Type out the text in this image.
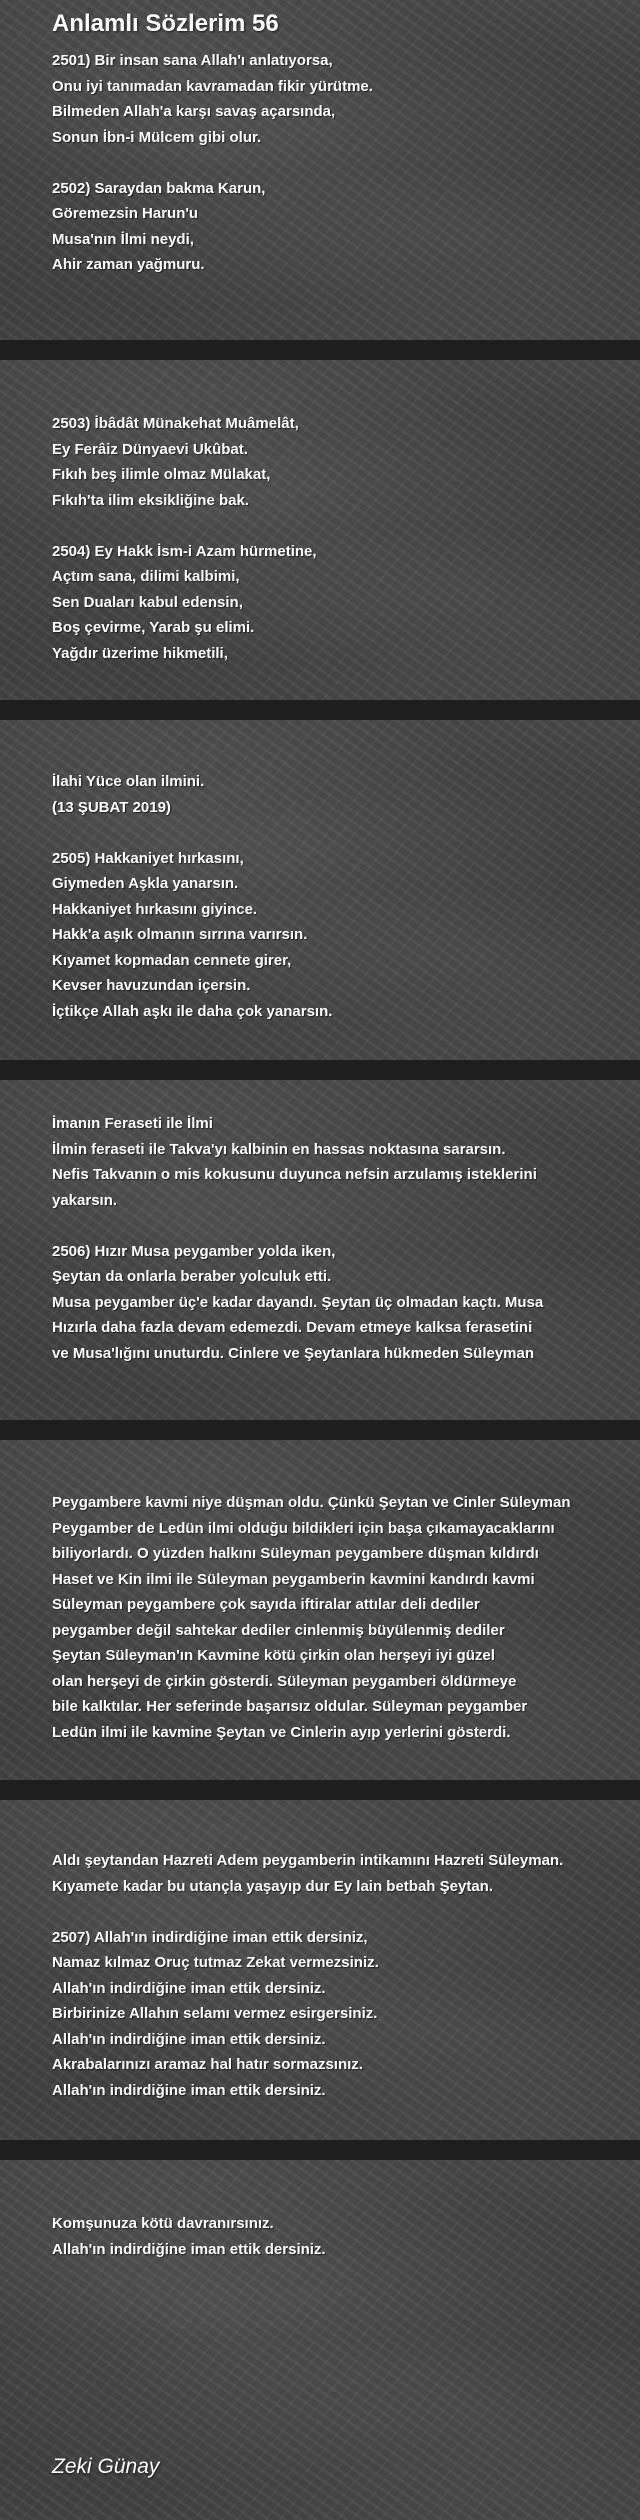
Anlamlı Sözlerim 56
2501) Bir insan sana Allah'ı anlatıyorsa,
Onu iyi tanımadan kavramadan fikir yürütme.
Bilmeden Allah'a karşı savaş açarsında,
Sonun İbn-i Mülcem gibi olur.
2502) Saraydan bakma Karun,
Göremezsin Harun'u
Musa'nın İlmi neydi,
Ahir zaman yağmuru.
2503) İbâdât Münakehat Muâmelât,
Ey Ferâiz Dünyaevi Ukûbat.
Fıkıh beş ilimle olmaz Mülakat,
Fıkıh'ta ilim eksikliğine bak.
2504) Ey Hakk İsm-i Azam hürmetine,
Açtım sana, dilimi kalbimi,
Sen Duaları kabul edensin,
Boş çevirme, Yarab şu elimi.
Yağdır üzerime hikmetili,
İlahi Yüce olan ilmini.
(13 ŞUBAT 2019)
2505) Hakkaniyet hırkasını,
Giymeden Aşkla yanarsın.
Hakkaniyet hırkasını giyince.
Hakk'a aşık olmanın sırrına varırsın.
Kıyamet kopmadan cennete girer,
Kevser havuzundan içersin.
İçtikçe Allah aşkı ile daha çok yanarsın.
İmanın Feraseti ile İlmi
İlmin feraseti ile Takva'yı kalbinin en hassas noktasına sararsın.
Nefis Takvanın o mis kokusunu duyunca nefsin arzulamış isteklerini
yakarsın.
2506) Hızır Musa peygamber yolda iken,
Şeytan da onlarla beraber yolculuk etti.
Musa peygamber üç'e kadar dayandı. Şeytan üç olmadan kaçtı. Musa
Hızırla daha fazla devam edemezdi. Devam etmeye kalksa ferasetini
ve Musa'lığını unuturdu. Cinlere ve Şeytanlara hükmeden Süleyman
Peygambere kavmi niye düşman oldu. Çünkü Şeytan ve Cinler Süleyman
Peygamber de Ledün ilmi olduğu bildikleri için başa çıkamayacaklarını
biliyorlardı. O yüzden halkını Süleyman peygambere düşman kıldırdı
Haset ve Kin ilmi ile Süleyman peygamberin kavmini kandırdı kavmi
Süleyman peygambere çok sayıda iftiralar attılar deli dediler
peygamber değil sahtekar dediler cinlenmiş büyülenmiş dediler
Şeytan Süleyman'ın Kavmine kötü çirkin olan herşeyi iyi güzel
olan herşeyi de çirkin gösterdi. Süleyman peygamberi öldürmeye
bile kalktılar. Her seferinde başarısız oldular. Süleyman peygamber
Ledün ilmi ile kavmine Şeytan ve Cinlerin ayıp yerlerini gösterdi.
Aldı şeytandan Hazreti Adem peygamberin intikamını Hazreti Süleyman.
Kıyamete kadar bu utançla yaşayıp dur Ey lain betbah Şeytan.
2507) Allah'ın indirdiğine iman ettik dersiniz,
Namaz kılmaz Oruç tutmaz Zekat vermezsiniz.
Allah'ın indirdiğine iman ettik dersiniz.
Birbirinize Allahın selamı vermez esirgersiniz.
Allah'ın indirdiğine iman ettik dersiniz.
Akrabalarınızı aramaz hal hatır sormazsınız.
Allah'ın indirdiğine iman ettik dersiniz.
Komşunuza kötü davranırsınız.
Allah'ın indirdiğine iman ettik dersiniz.
Zeki Günay
